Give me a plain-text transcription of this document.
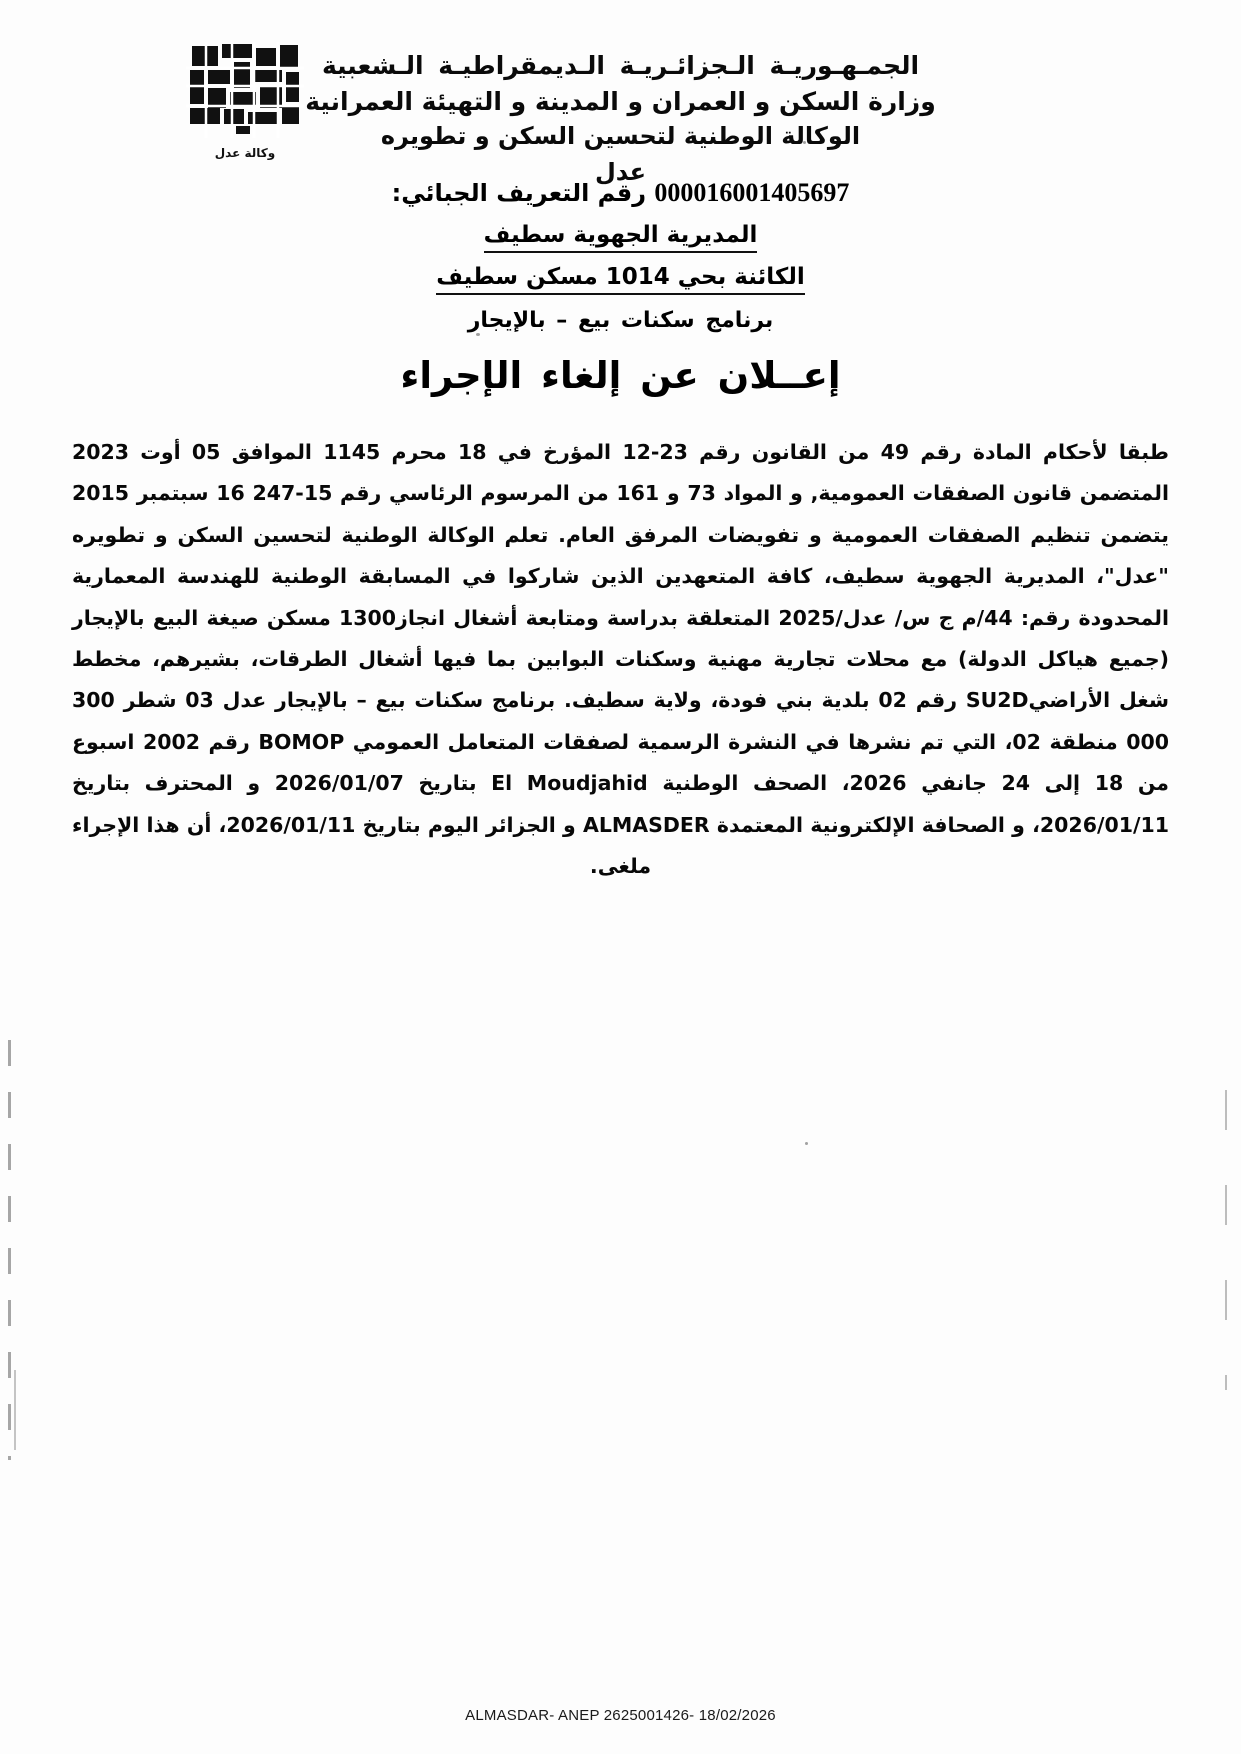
الجمـهـوريـة الـجزائـريـة الـديمقراطيـة الـشعبية
وزارة السكن و العمران و المدينة و التهيئة العمرانية
الوكالة الوطنية لتحسين السكن و تطويره
عدل
وكالة عدل
000016001405697 رقم التعريف الجبائي:
المديرية الجهوية سطيف
الكائنة بحي 1014 مسكن سطيف
برنامج سكنات بيع – بالإيجار
إعــلان عن إلغاء الإجراء
طبقا لأحكام المادة رقم 49 من القانون رقم 23-12 المؤرخ في 18 محرم 1145 الموافق 05 أوت 2023 المتضمن قانون الصفقات العمومية, و المواد 73 و 161 من المرسوم الرئاسي رقم 15-247 16 سبتمبر 2015 يتضمن تنظيم الصفقات العمومية و تفويضات المرفق العام. تعلم الوكالة الوطنية لتحسين السكن و تطويره "عدل"، المديرية الجهوية سطيف، كافة المتعهدين الذين شاركوا في المسابقة الوطنية للهندسة المعمارية المحدودة رقم: 44/م ج س/ عدل/2025 المتعلقة بدراسة ومتابعة أشغال انجاز1300 مسكن صيغة البيع بالإيجار (جميع هياكل الدولة) مع محلات تجارية مهنية وسكنات البوابين بما فيها أشغال الطرقات، بشيرهم، مخطط شغل الأراضيSU2D رقم 02 بلدية بني فودة، ولاية سطيف. برنامج سكنات بيع – بالإيجار عدل 03 شطر 300 000 منطقة 02، التي تم نشرها في النشرة الرسمية لصفقات المتعامل العمومي BOMOP رقم 2002 اسبوع من 18 إلى 24 جانفي 2026، الصحف الوطنية El Moudjahid بتاريخ 2026/01/07 و المحترف بتاريخ 2026/01/11، و الصحافة الإلكترونية المعتمدة ALMASDER و الجزائر اليوم بتاريخ 2026/01/11، أن هذا الإجراء ملغى.
ALMASDAR- ANEP 2625001426- 18/02/2026
